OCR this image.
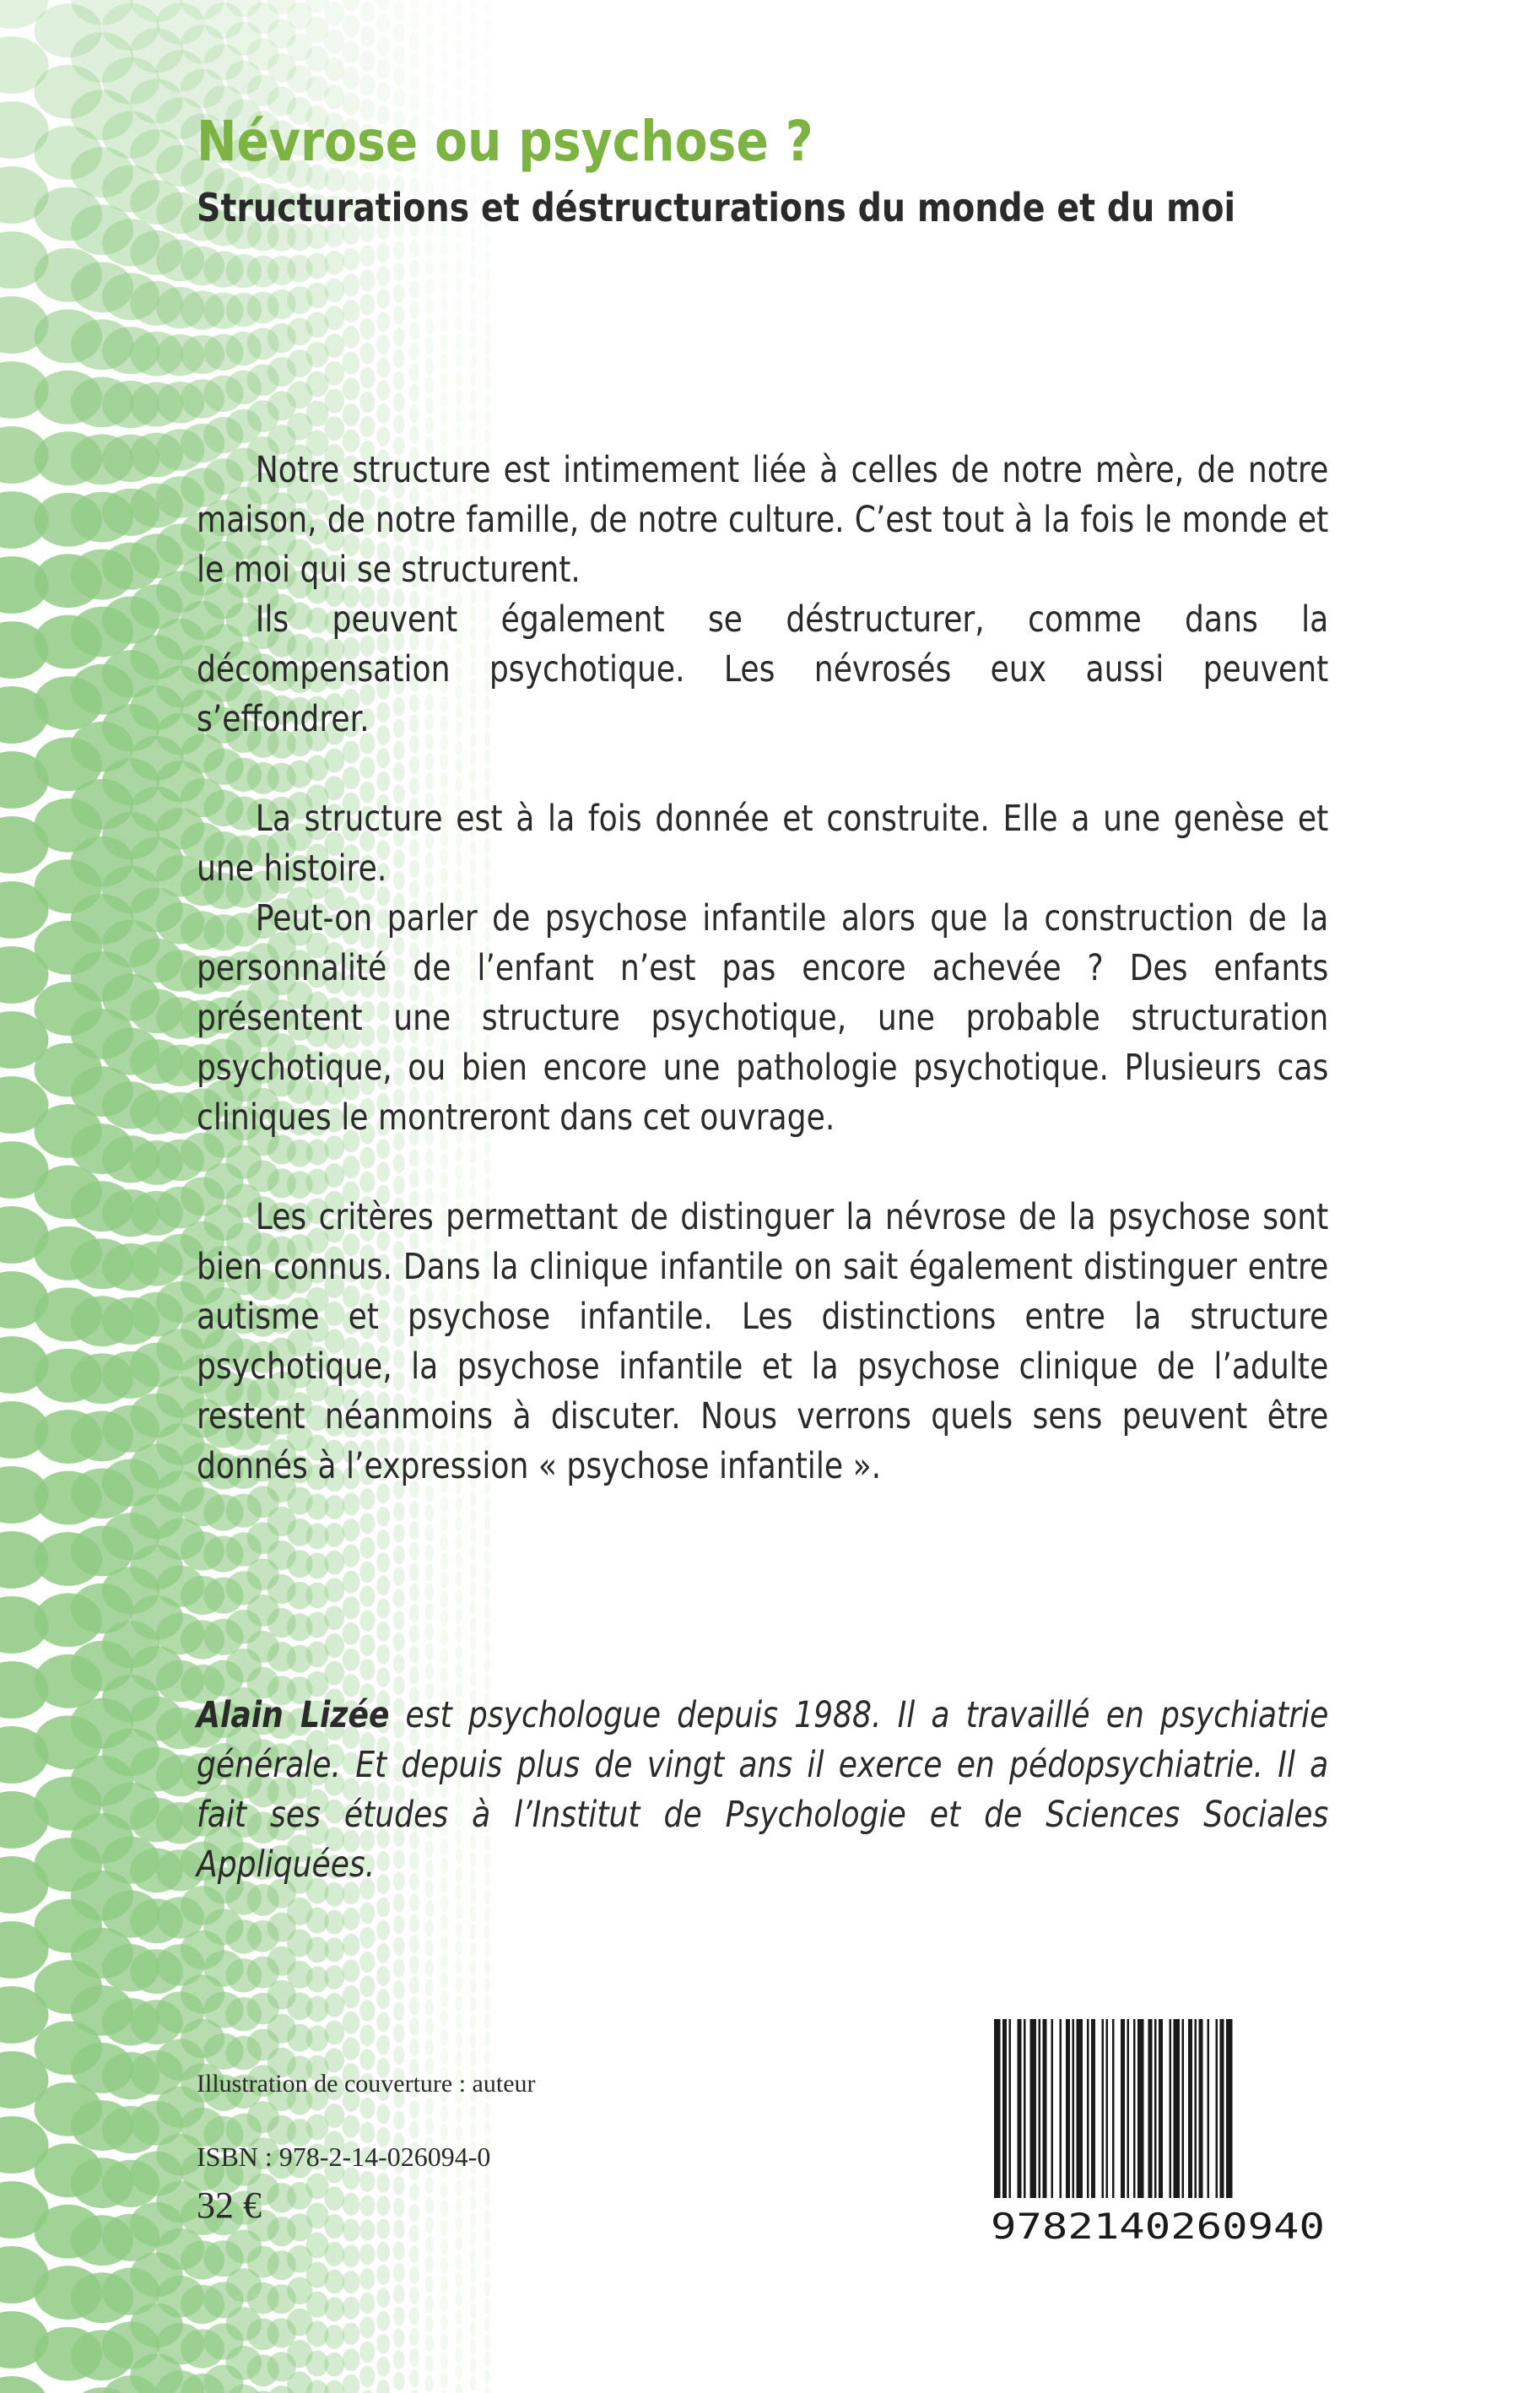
Névrose ou psychose ?
Structurations et déstructurations du monde et du moi

Notre structure est intimement liée à celles de notre mère, de notre maison, de notre famille, de notre culture. C’est tout à la fois le monde et le moi qui se structurent.

Ils peuvent également se déstructurer, comme dans la décompensation psychotique. Les névrosés eux aussi peuvent s’effondrer.

La structure est à la fois donnée et construite. Elle a une genèse et une histoire.

Peut-on parler de psychose infantile alors que la construction de la personnalité de l’enfant n’est pas encore achevée ? Des enfants présentent une structure psychotique, une probable structuration psychotique, ou bien encore une pathologie psychotique. Plusieurs cas cliniques le montreront dans cet ouvrage.

Les critères permettant de distinguer la névrose de la psychose sont bien connus. Dans la clinique infantile on sait également distinguer entre autisme et psychose infantile. Les distinctions entre la structure psychotique, la psychose infantile et la psychose clinique de l’adulte restent néanmoins à discuter. Nous verrons quels sens peuvent être donnés à l’expression « psychose infantile ».

Alain Lizée est psychologue depuis 1988. Il a travaillé en psychiatrie générale. Et depuis plus de vingt ans il exerce en pédopsychiatrie. Il a fait ses études à l’Institut de Psychologie et de Sciences Sociales Appliquées.
Illustration de couverture : auteur
ISBN : 978-2-14-026094-0
32 €
9782140260940
